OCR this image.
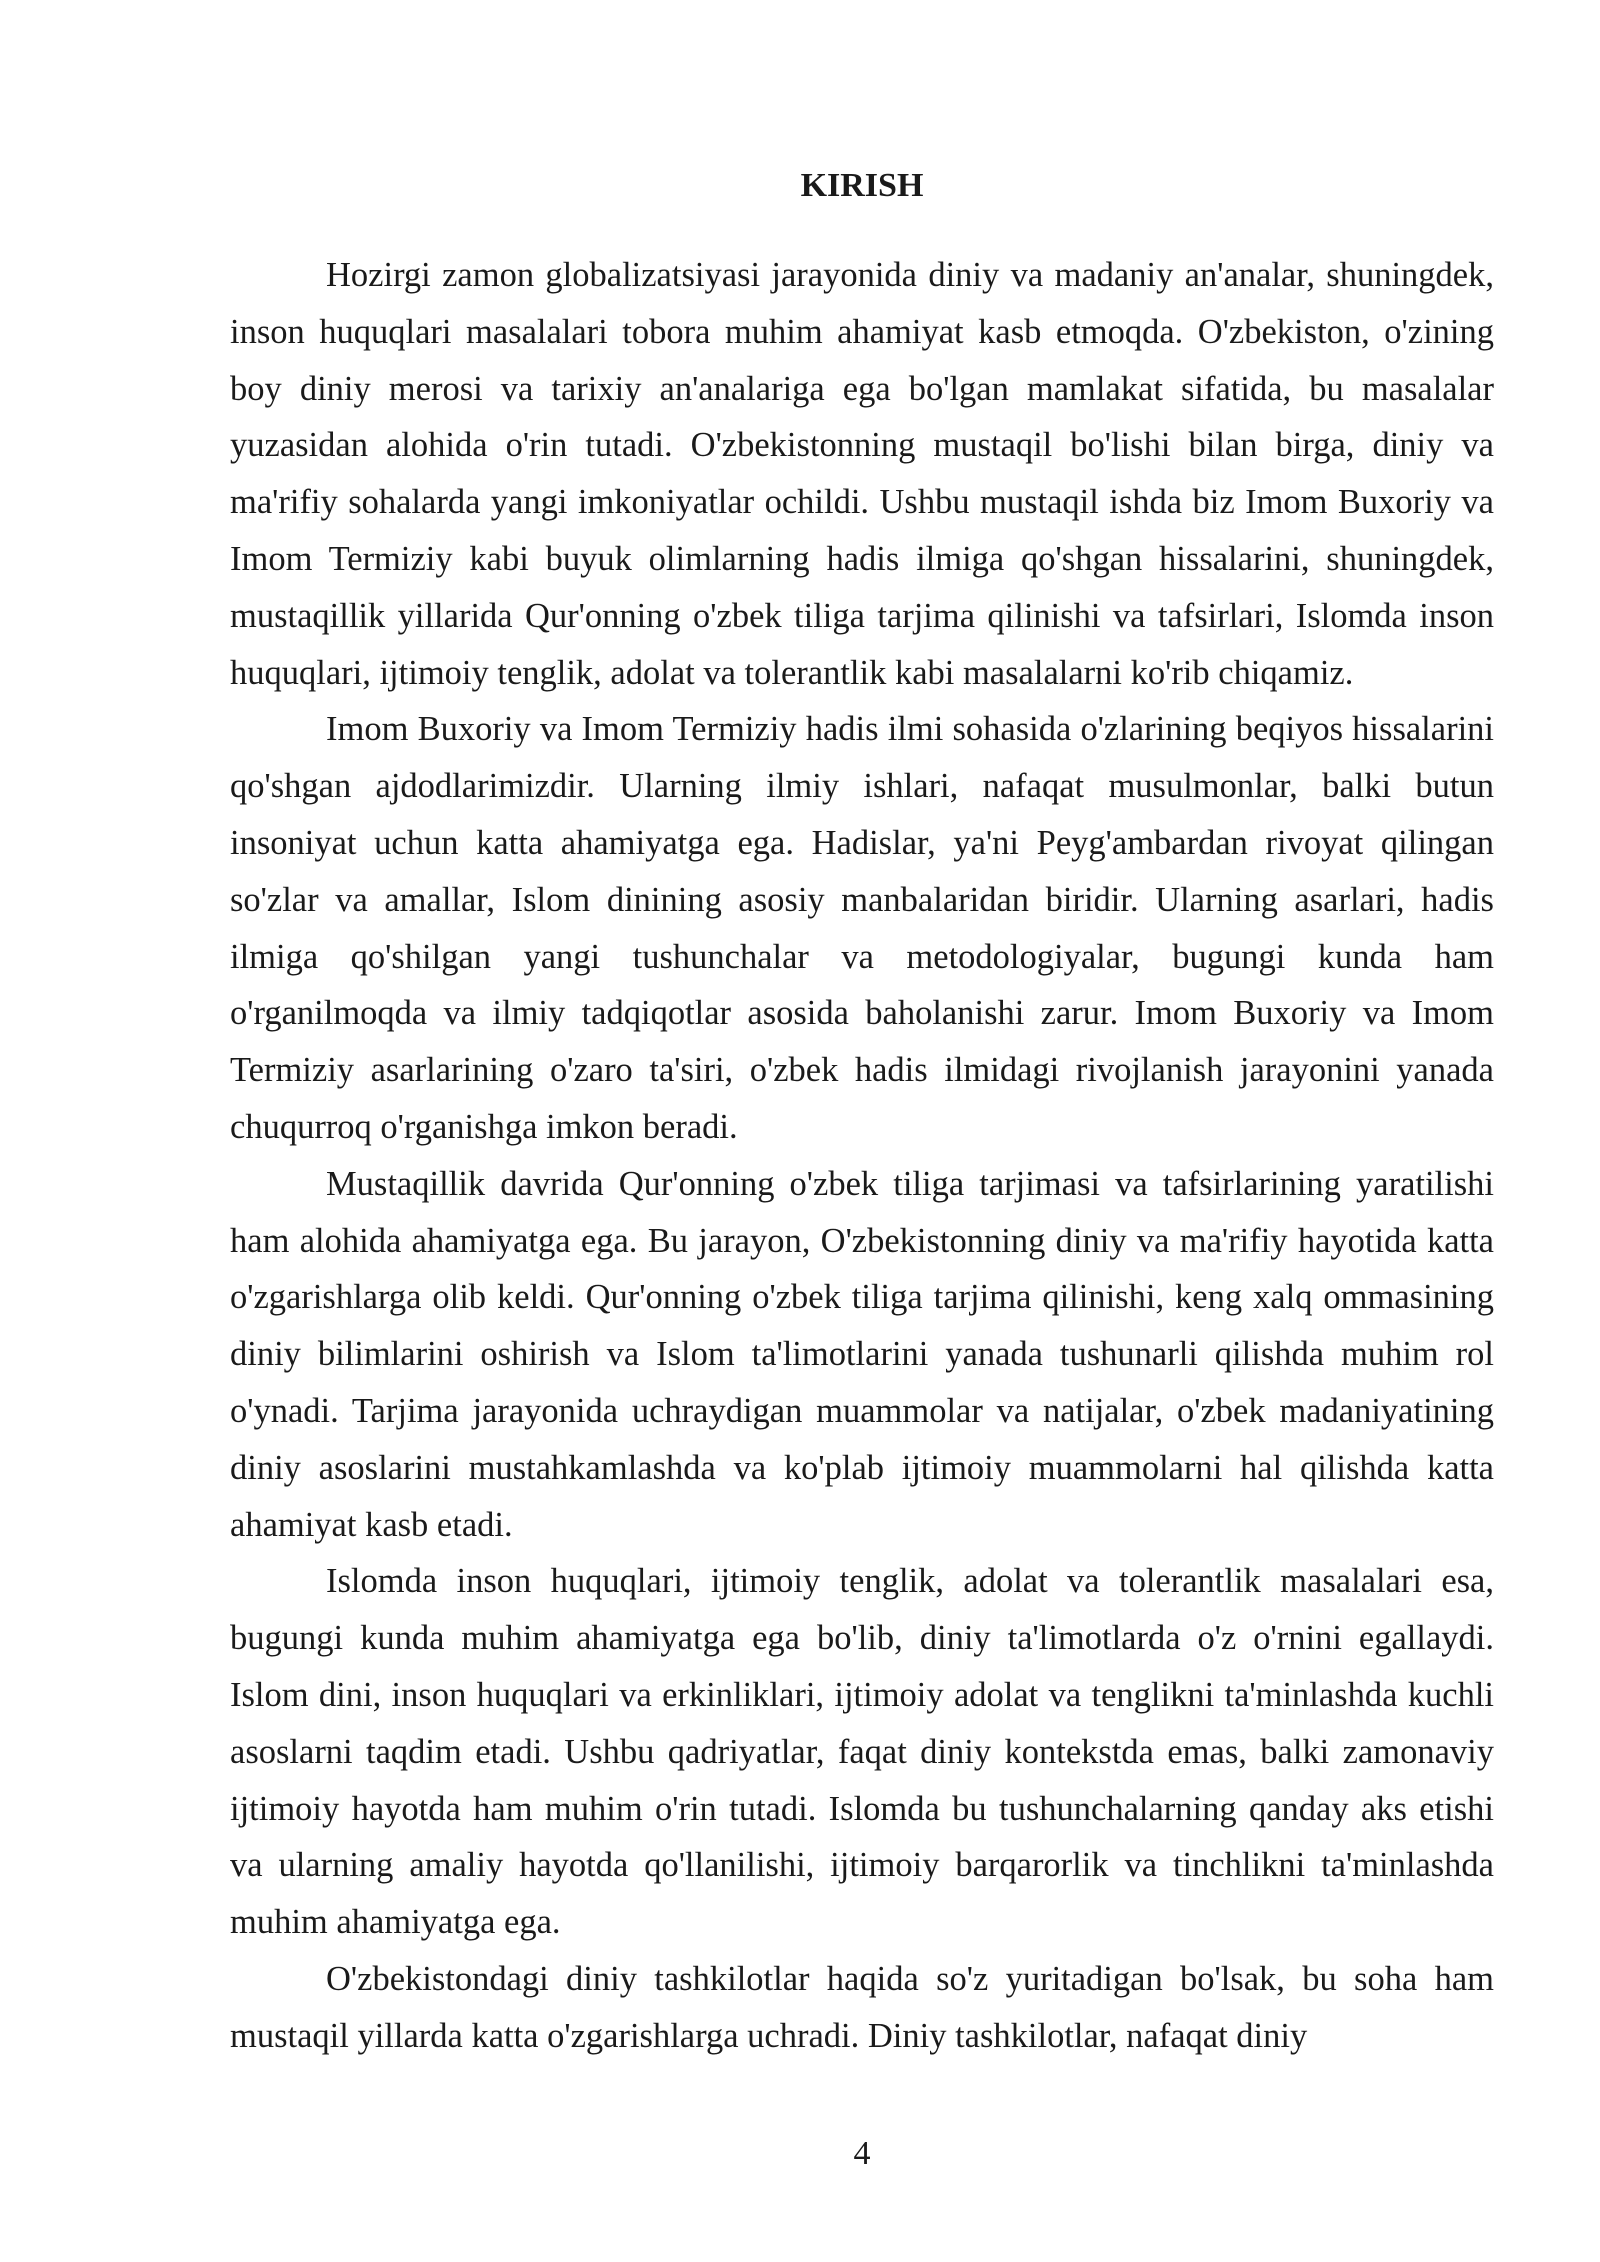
KIRISH

Hozirgi zamon globalizatsiyasi jarayonida diniy va madaniy an'analar, shuningdek, inson huquqlari masalalari tobora muhim ahamiyat kasb etmoqda. O'zbekiston, o'zining boy diniy merosi va tarixiy an'analariga ega bo'lgan mamlakat sifatida, bu masalalar yuzasidan alohida o'rin tutadi. O'zbekistonning mustaqil bo'lishi bilan birga, diniy va ma'rifiy sohalarda yangi imkoniyatlar ochildi. Ushbu mustaqil ishda biz Imom Buxoriy va Imom Termiziy kabi buyuk olimlarning hadis ilmiga qo'shgan hissalarini, shuningdek, mustaqillik yillarida Qur'onning o'zbek tiliga tarjima qilinishi va tafsirlari, Islomda inson huquqlari, ijtimoiy tenglik, adolat va tolerantlik kabi masalalarni ko'rib chiqamiz.

Imom Buxoriy va Imom Termiziy hadis ilmi sohasida o'zlarining beqiyos hissalarini qo'shgan ajdodlarimizdir. Ularning ilmiy ishlari, nafaqat musulmonlar, balki butun insoniyat uchun katta ahamiyatga ega. Hadislar, ya'ni Peyg'ambardan rivoyat qilingan so'zlar va amallar, Islom dinining asosiy manbalaridan biridir. Ularning asarlari, hadis ilmiga qo'shilgan yangi tushunchalar va metodologiyalar, bugungi kunda ham o'rganilmoqda va ilmiy tadqiqotlar asosida baholanishi zarur. Imom Buxoriy va Imom Termiziy asarlarining o'zaro ta'siri, o'zbek hadis ilmidagi rivojlanish jarayonini yanada chuqurroq o'rganishga imkon beradi.

Mustaqillik davrida Qur'onning o'zbek tiliga tarjimasi va tafsirlarining yaratilishi ham alohida ahamiyatga ega. Bu jarayon, O'zbekistonning diniy va ma'rifiy hayotida katta o'zgarishlarga olib keldi. Qur'onning o'zbek tiliga tarjima qilinishi, keng xalq ommasining diniy bilimlarini oshirish va Islom ta'limotlarini yanada tushunarli qilishda muhim rol o'ynadi. Tarjima jarayonida uchraydigan muammolar va natijalar, o'zbek madaniyatining diniy asoslarini mustahkamlashda va ko'plab ijtimoiy muammolarni hal qilishda katta ahamiyat kasb etadi.

Islomda inson huquqlari, ijtimoiy tenglik, adolat va tolerantlik masalalari esa, bugungi kunda muhim ahamiyatga ega bo'lib, diniy ta'limotlarda o'z o'rnini egallaydi. Islom dini, inson huquqlari va erkinliklari, ijtimoiy adolat va tenglikni ta'minlashda kuchli asoslarni taqdim etadi. Ushbu qadriyatlar, faqat diniy kontekstda emas, balki zamonaviy ijtimoiy hayotda ham muhim o'rin tutadi. Islomda bu tushunchalarning qanday aks etishi va ularning amaliy hayotda qo'llanilishi, ijtimoiy barqarorlik va tinchlikni ta'minlashda muhim ahamiyatga ega.

O'zbekistondagi diniy tashkilotlar haqida so'z yuritadigan bo'lsak, bu soha ham mustaqil yillarda katta o'zgarishlarga uchradi. Diniy tashkilotlar, nafaqat diniy

4
